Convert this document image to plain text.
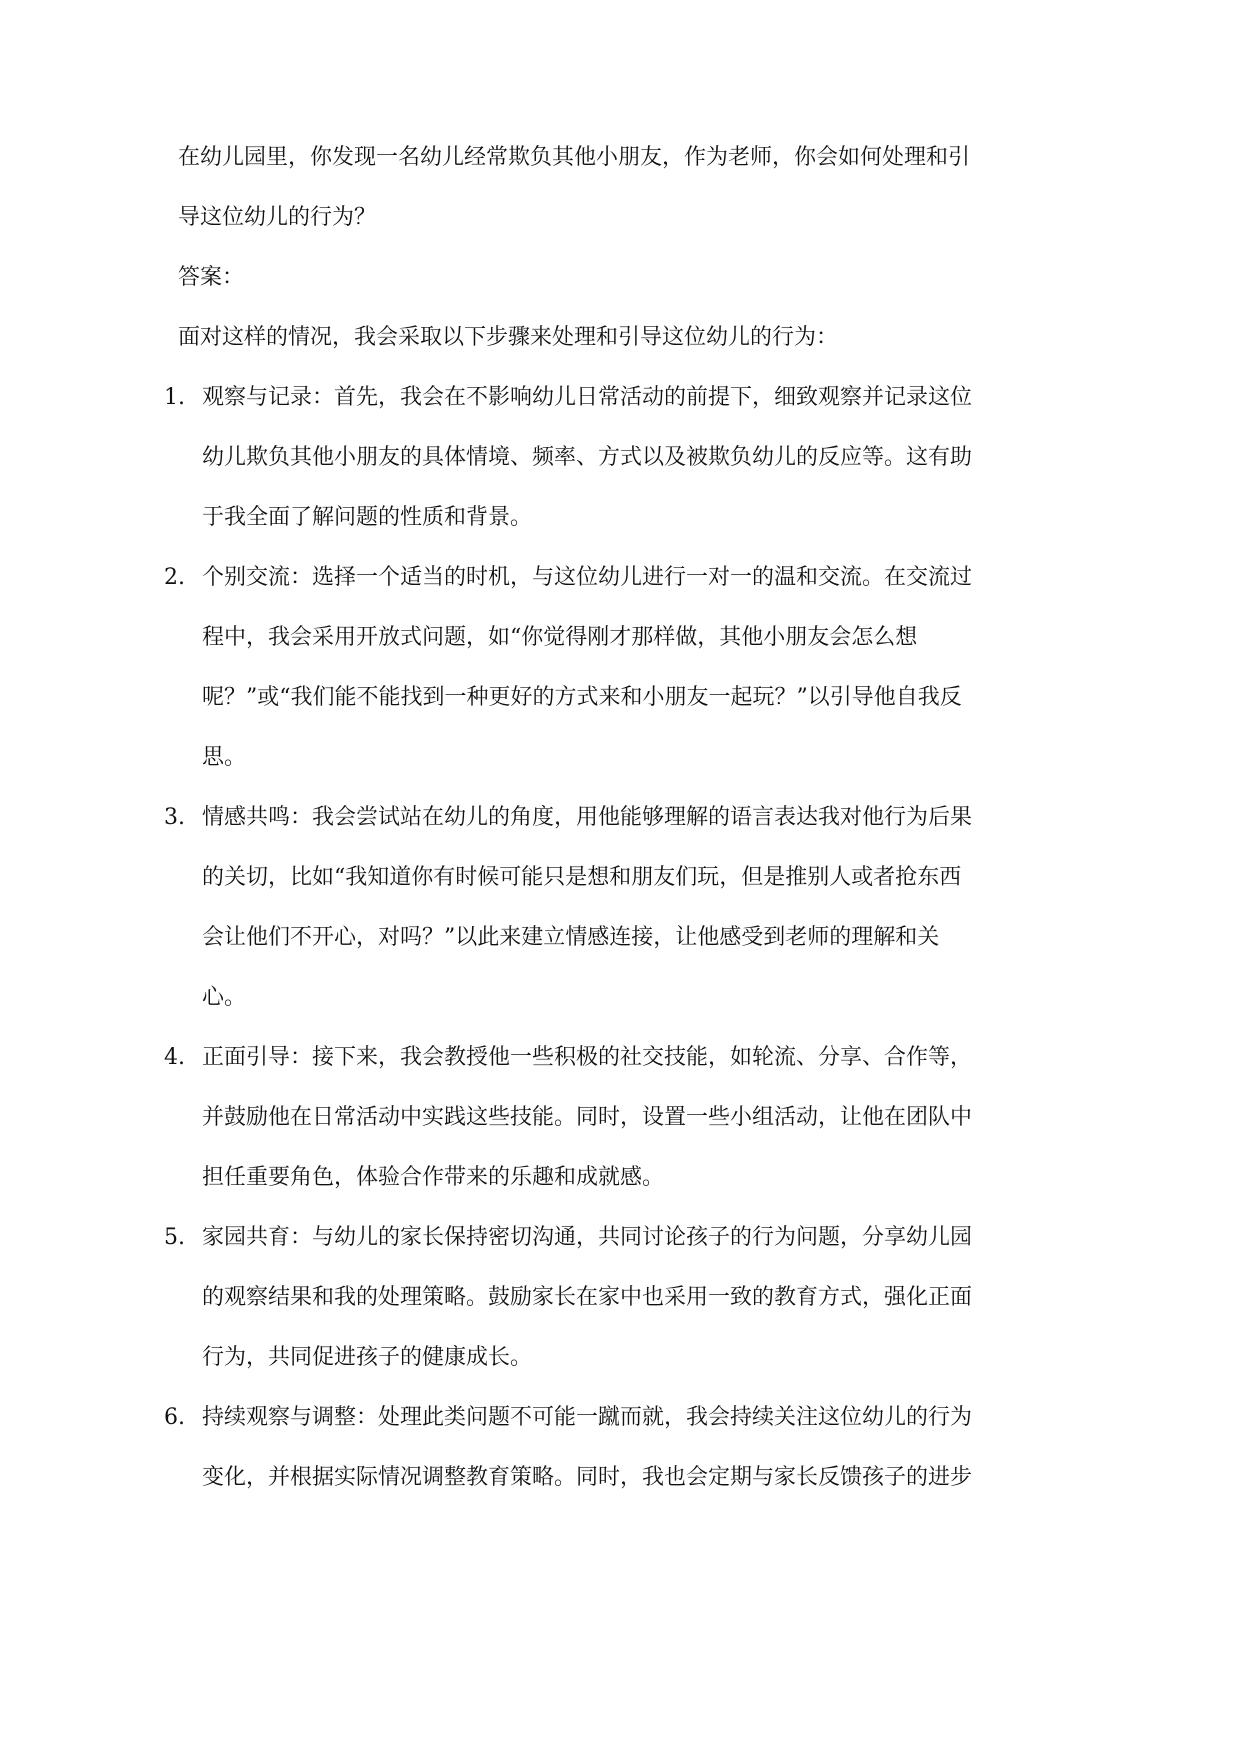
在幼儿园里，你发现一名幼儿经常欺负其他小朋友，作为老师，你会如何处理和引导这位幼儿的行为？

答案：

面对这样的情况，我会采取以下步骤来处理和引导这位幼儿的行为：

1. 观察与记录：首先，我会在不影响幼儿日常活动的前提下，细致观察并记录这位幼儿欺负其他小朋友的具体情境、频率、方式以及被欺负幼儿的反应等。这有助于我全面了解问题的性质和背景。
2. 个别交流：选择一个适当的时机，与这位幼儿进行一对一的温和交流。在交流过程中，我会采用开放式问题，如“你觉得刚才那样做，其他小朋友会怎么想呢？”或“我们能不能找到一种更好的方式来和小朋友一起玩？”以引导他自我反思。
3. 情感共鸣：我会尝试站在幼儿的角度，用他能够理解的语言表达我对他行为后果的关切，比如“我知道你有时候可能只是想和朋友们玩，但是推别人或者抢东西会让他们不开心，对吗？”以此来建立情感连接，让他感受到老师的理解和关心。
4. 正面引导：接下来，我会教授他一些积极的社交技能，如轮流、分享、合作等，并鼓励他在日常活动中实践这些技能。同时，设置一些小组活动，让他在团队中担任重要角色，体验合作带来的乐趣和成就感。
5. 家园共育：与幼儿的家长保持密切沟通，共同讨论孩子的行为问题，分享幼儿园的观察结果和我的处理策略。鼓励家长在家中也采用一致的教育方式，强化正面行为，共同促进孩子的健康成长。
6. 持续观察与调整：处理此类问题不可能一蹴而就，我会持续关注这位幼儿的行为变化，并根据实际情况调整教育策略。同时，我也会定期与家长反馈孩子的进步
